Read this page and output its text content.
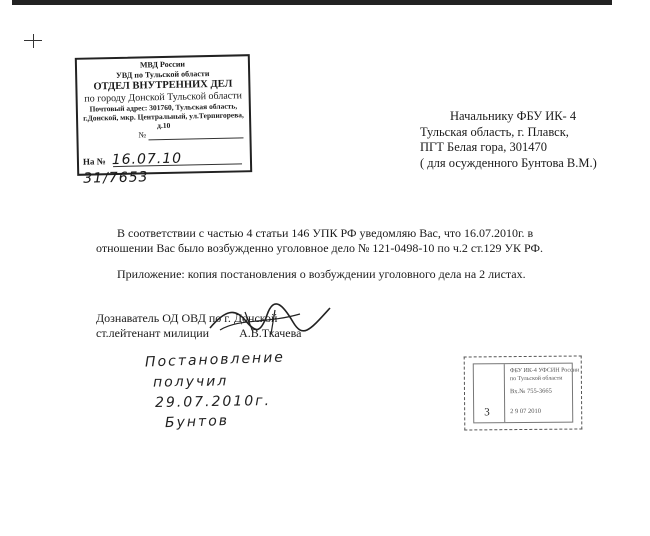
МВД России
УВД по Тульской области
ОТДЕЛ ВНУТРЕННИХ ДЕЛ
по городу Донской Тульской области
Почтовый адрес: 301760, Тульская область,
г.Донской, мкр. Центральный, ул.Терпигорева, д.10
№
На № 16.07.10 31/7653
Начальнику ФБУ ИК- 4
Тульская область, г. Плавск,
ПГТ Белая гора, 301470
( для осужденного Бунтова В.М.)
В соответствии с частью 4 статьи 146 УПК РФ уведомляю Вас, что 16.07.2010г. в
отношении Вас было возбужденно уголовное дело № 121-0498-10 по ч.2 ст.129 УК РФ.
Приложение: копия постановления о возбуждении уголовного дела на 2 листах.
Дознаватель ОД ОВД по г. Донской
ст.лейтенант милиции          А.В.Ткачева
Постановление
получил
29.07.2010г.
Бунтов
ФБУ ИК-4 УФСИН России
по Тульской области
Вх.№ 755-3665
3	2 9 07 2010
